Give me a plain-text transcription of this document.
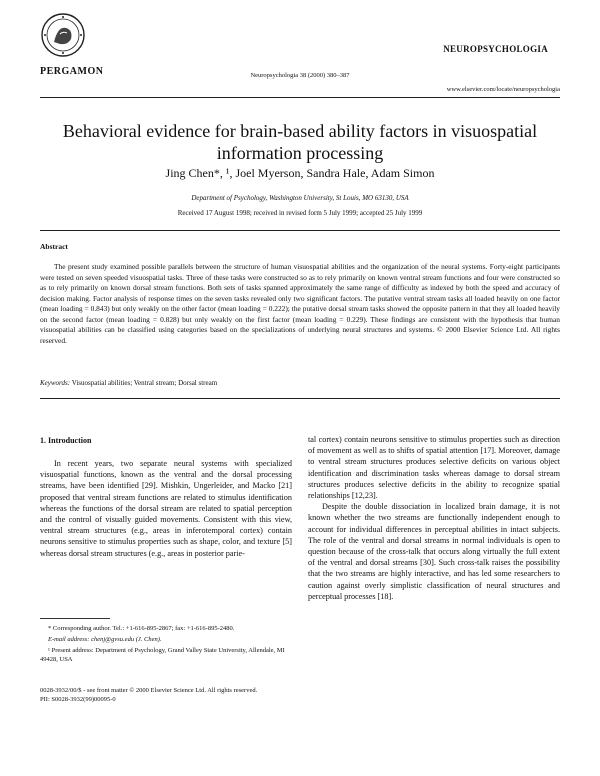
PERGAMON	Neuropsychologia 38 (2000) 380–387
NEUROPSYCHOLOGIA
www.elsevier.com/locate/neuropsychologia
Behavioral evidence for brain-based ability factors in visuospatial information processing
Jing Chen*, ¹, Joel Myerson, Sandra Hale, Adam Simon
Department of Psychology, Washington University, St Louis, MO 63130, USA
Received 17 August 1998; received in revised form 5 July 1999; accepted 25 July 1999
Abstract
The present study examined possible parallels between the structure of human visuospatial abilities and the organization of the neural systems. Forty-eight participants were tested on seven speeded visuospatial tasks. Three of these tasks were constructed so as to rely primarily on known ventral stream functions and four were constructed so as to rely primarily on known dorsal stream functions. Both sets of tasks spanned approximately the same range of difficulty as indexed by both the speed and accuracy of decision making. Factor analysis of response times on the seven tasks revealed only two significant factors. The putative ventral stream tasks all loaded heavily on one factor (mean loading = 0.843) but only weakly on the other factor (mean loading = 0.222); the putative dorsal stream tasks showed the opposite pattern in that they all loaded heavily on the second factor (mean loading = 0.828) but only weakly on the first factor (mean loading = 0.229). These findings are consistent with the hypothesis that human visuospatial abilities can be classified using categories based on the specializations of underlying neural structures and systems. © 2000 Elsevier Science Ltd. All rights reserved.
Keywords: Visuospatial abilities; Ventral stream; Dorsal stream
1. Introduction

In recent years, two separate neural systems with specialized visuospatial functions, known as the ventral and the dorsal processing streams, have been identified [29]. Mishkin, Ungerleider, and Macko [21] proposed that ventral stream functions are related to stimulus identification whereas the functions of the dorsal stream are related to spatial perception and the control of visually guided movements. Consistent with this view, ventral stream structures (e.g., areas in inferotemporal cortex) contain neurons sensitive to stimulus properties such as shape, color, and texture [5] whereas dorsal stream structures (e.g., areas in posterior parie-

tal cortex) contain neurons sensitive to stimulus properties such as direction of movement as well as to shifts of spatial attention [17]. Moreover, damage to ventral stream structures produces selective deficits on various object identification and discrimination tasks whereas damage to dorsal stream structures produces selective deficits in the ability to recognize spatial relationships [12,23].

Despite the double dissociation in localized brain damage, it is not known whether the two streams are functionally independent enough to account for individual differences in perceptual abilities in intact subjects. The role of the ventral and dorsal streams in normal individuals is open to question because of the cross-talk that occurs along virtually the full extent of the ventral and dorsal streams [30]. Such cross-talk raises the possibility that the two streams are highly interactive, and has led some researchers to caution against overly simplistic classification of neural structures and perceptual processes [18].

* Corresponding author. Tel.: +1-616-895-2867; fax: +1-616-895-2480.

E-mail address: chenj@gvsu.edu (J. Chen).

¹ Present address: Department of Psychology, Grand Valley State University, Allendale, MI 49428, USA

0028-3932/00/$ - see front matter © 2000 Elsevier Science Ltd. All rights reserved.
PII: S0028-3932(99)00095-0
